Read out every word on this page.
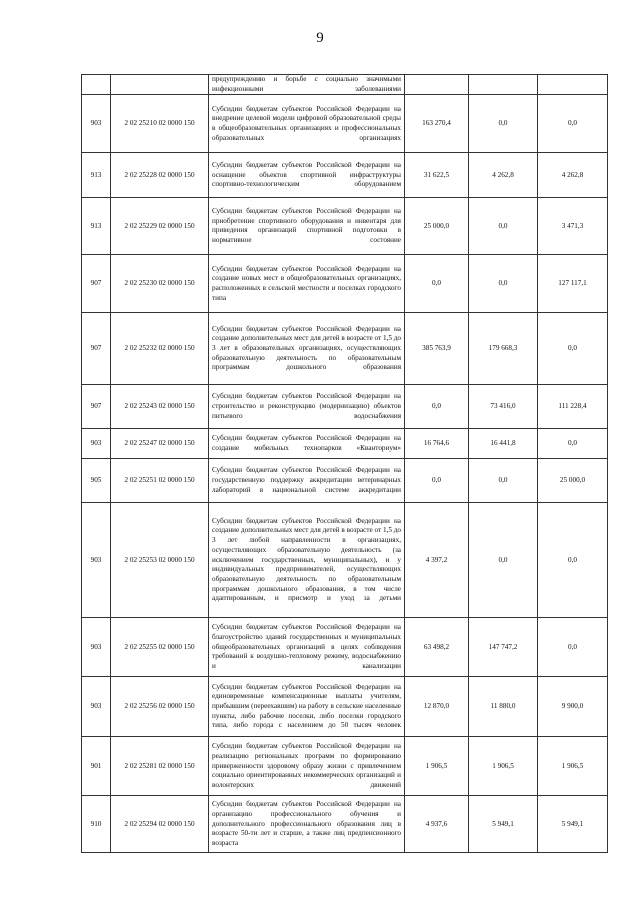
9
		предупреждению и борьбе с социально значимыми инфекционными заболеваниями			
903	2 02 25210 02 0000 150	Субсидии бюджетам субъектов Российской Федерации на внедрение целевой модели цифровой образовательной среды в общеобразовательных организациях и профессиональных образовательных организациях	163 270,4	0,0	0,0
913	2 02 25228 02 0000 150	Субсидии бюджетам субъектов Российской Федерации на оснащение объектов спортивной инфраструктуры спортивно-технологическим оборудованием	31 622,5	4 262,8	4 262,8
913	2 02 25229 02 0000 150	Субсидии бюджетам субъектов Российской Федерации на приобретение спортивного оборудования и инвентаря для приведения организаций спортивной подготовки в нормативное состояние	25 000,0	0,0	3 471,3
907	2 02 25230 02 0000 150	Субсидии бюджетам субъектов Российской Федерации на создание новых мест в общеобразовательных организациях, расположенных в сельской местности и поселках городского типа	0,0	0,0	127 117,1
907	2 02 25232 02 0000 150	Субсидии бюджетам субъектов Российской Федерации на создание дополнительных мест для детей в возрасте от 1,5 до 3 лет в образовательных организациях, осуществляющих образовательную деятельность по образовательным программам дошкольного образования	385 763,9	179 668,3	0,0
907	2 02 25243 02 0000 150	Субсидии бюджетам субъектов Российской Федерации на строительство и реконструкцию (модернизацию) объектов питьевого водоснабжения	0,0	73 416,0	111 228,4
903	2 02 25247 02 0000 150	Субсидии бюджетам субъектов Российской Федерации на создание мобильных технопарков «Кванториум»	16 764,6	16 441,8	0,0
905	2 02 25251 02 0000 150	Субсидии бюджетам субъектов Российской Федерации на государственную поддержку аккредитации ветеринарных лабораторий в национальной системе аккредитации	0,0	0,0	25 000,0
903	2 02 25253 02 0000 150	Субсидии бюджетам субъектов Российской Федерации на создание дополнительных мест для детей в возрасте от 1,5 до 3 лет любой направленности в организациях, осуществляющих образовательную деятельность (за исключением государственных, муниципальных), и у индивидуальных предпринимателей, осуществляющих образовательную деятельность по образовательным программам дошкольного образования, в том числе адаптированным, и присмотр и уход за детьми	4 397,2	0,0	0,0
903	2 02 25255 02 0000 150	Субсидии бюджетам субъектов Российской Федерации на благоустройство зданий государственных и муниципальных общеобразовательных организаций в целях соблюдения требований к воздушно-тепловому режиму, водоснабжению и канализации	63 498,2	147 747,2	0,0
903	2 02 25256 02 0000 150	Субсидии бюджетам субъектов Российской Федерации на единовременные компенсационные выплаты учителям, прибывшим (переехавшим) на работу в сельские населенные пункты, либо рабочие поселки, либо поселки городского типа, либо города с населением до 50 тысяч человек	12 870,0	11 880,0	9 900,0
901	2 02 25281 02 0000 150	Субсидии бюджетам субъектов Российской Федерации на реализацию региональных программ по формированию приверженности здоровому образу жизни с привлечением социально ориентированных некоммерческих организаций и волонтерских движений	1 906,5	1 906,5	1 906,5
910	2 02 25294 02 0000 150	Субсидии бюджетам субъектов Российской Федерации на организацию профессионального обучения и дополнительного профессионального образования лиц в возрасте 50-ти лет и старше, а также лиц предпенсионного возраста	4 937,6	5 949,1	5 949,1
